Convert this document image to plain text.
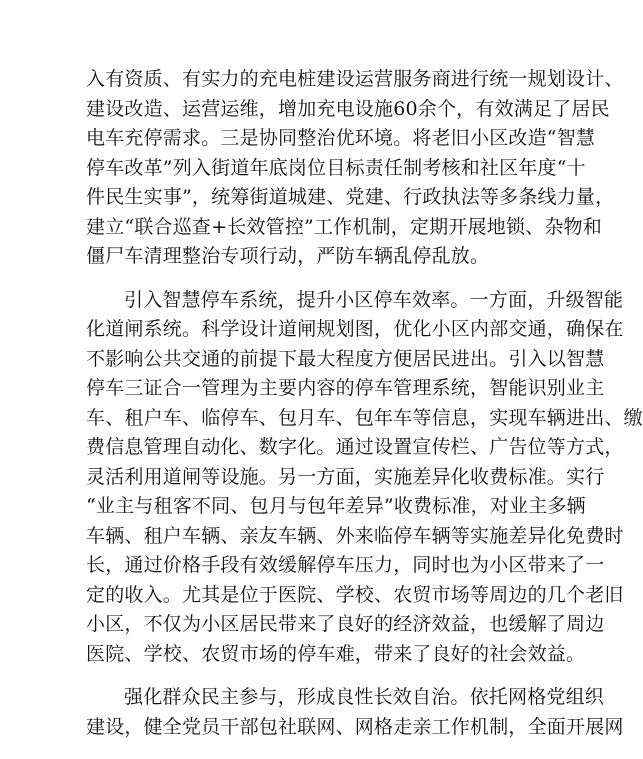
入有资质、有实力的充电桩建设运营服务商进行统一规划设计、
建设改造、运营运维，增加充电设施60余个，有效满足了居民
电车充停需求。三是协同整治优环境。将老旧小区改造“智慧
停车改革”列入街道年底岗位目标责任制考核和社区年度“十
件民生实事”，统筹街道城建、党建、行政执法等多条线力量，
建立“联合巡查+长效管控”工作机制，定期开展地锁、杂物和
僵尸车清理整治专项行动，严防车辆乱停乱放。

引入智慧停车系统，提升小区停车效率。一方面，升级智能
化道闸系统。科学设计道闸规划图，优化小区内部交通，确保在
不影响公共交通的前提下最大程度方便居民进出。引入以智慧
停车三证合一管理为主要内容的停车管理系统，智能识别业主
车、租户车、临停车、包月车、包年车等信息，实现车辆进出、缴
费信息管理自动化、数字化。通过设置宣传栏、广告位等方式，
灵活利用道闸等设施。另一方面，实施差异化收费标准。实行
“业主与租客不同、包月与包年差异”收费标准，对业主多辆
车辆、租户车辆、亲友车辆、外来临停车辆等实施差异化免费时
长，通过价格手段有效缓解停车压力，同时也为小区带来了一
定的收入。尤其是位于医院、学校、农贸市场等周边的几个老旧
小区，不仅为小区居民带来了良好的经济效益，也缓解了周边
医院、学校、农贸市场的停车难，带来了良好的社会效益。

强化群众民主参与，形成良性长效自治。依托网格党组织
建设，健全党员干部包社联网、网格走亲工作机制，全面开展网
